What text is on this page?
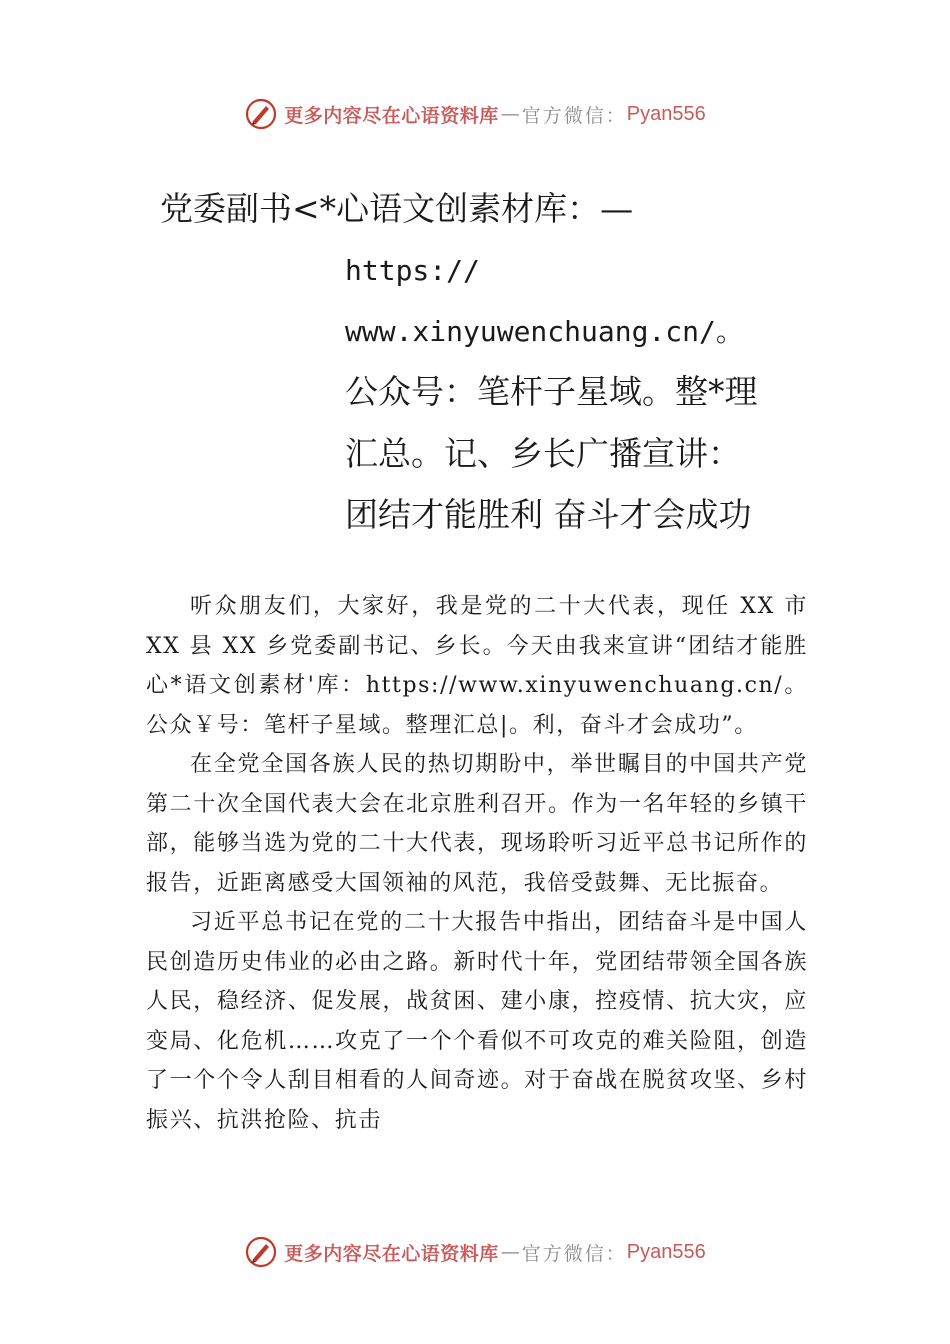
更多内容尽在心语资料库 — 官方微信： Pyan556
党委副书<*心语文创素材库：—
https://
www.xinyuwenchuang.cn/。
公众号：笔杆子星域。整*理
汇总。记、乡长广播宣讲：
团结才能胜利 奋斗才会成功

听众朋友们，大家好，我是党的二十大代表，现任 XX 市 XX 县 XX 乡党委副书记、乡长。今天由我来宣讲“团结才能胜心*语文创素材'库：https://www.xinyuwenchuang.cn/。公众￥号：笔杆子星域。整理汇总|。利，奋斗才会成功”。

在全党全国各族人民的热切期盼中，举世瞩目的中国共产党第二十次全国代表大会在北京胜利召开。作为一名年轻的乡镇干部，能够当选为党的二十大代表，现场聆听习近平总书记所作的报告，近距离感受大国领袖的风范，我倍受鼓舞、无比振奋。

习近平总书记在党的二十大报告中指出，团结奋斗是中国人民创造历史伟业的必由之路。新时代十年，党团结带领全国各族人民，稳经济、促发展，战贫困、建小康，控疫情、抗大灾，应变局、化危机……攻克了一个个看似不可攻克的难关险阻，创造了一个个令人刮目相看的人间奇迹。对于奋战在脱贫攻坚、乡村振兴、抗洪抢险、抗击

更多内容尽在心语资料库 — 官方微信： Pyan556
